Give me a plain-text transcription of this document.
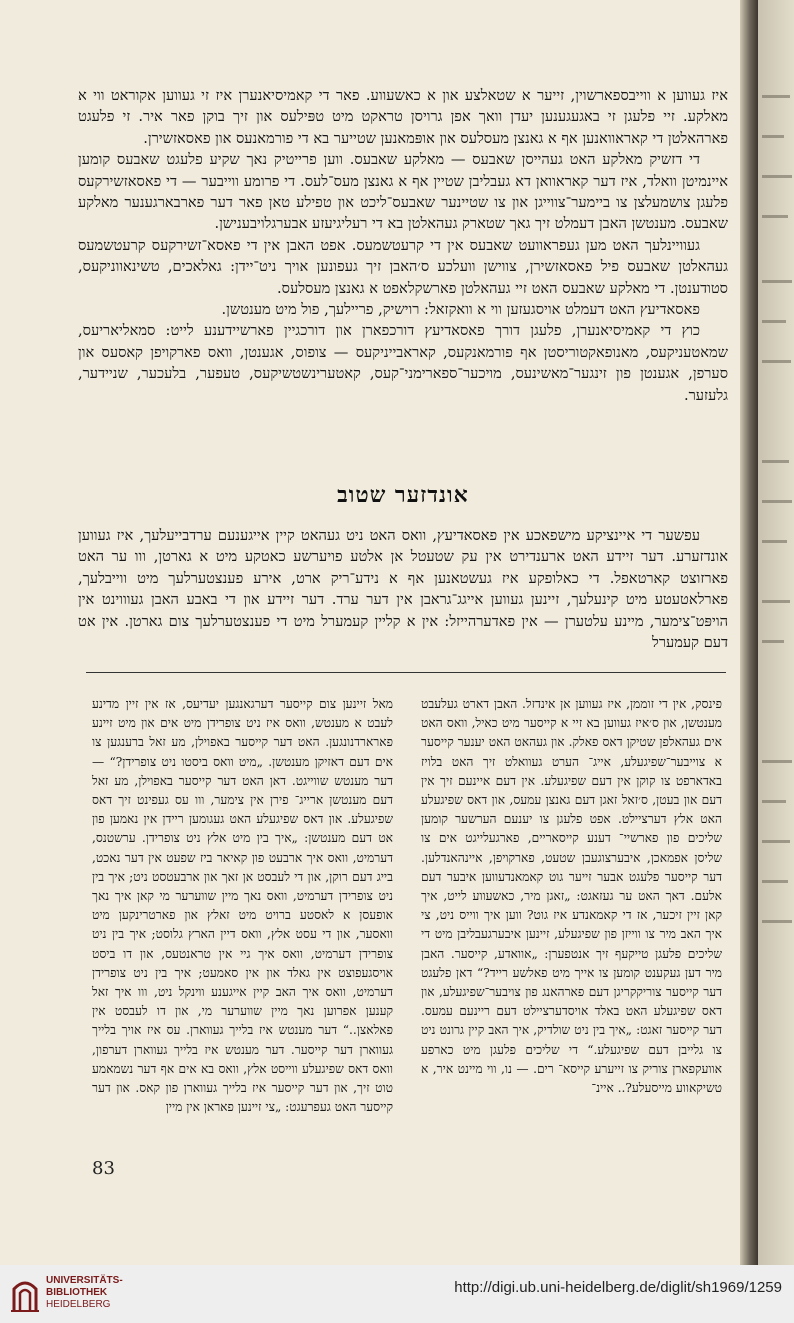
איז געווען א ווייבספארשוין, זייער א שטאלצע און א כאשעווע. פאר די קאמיסיאנערן איז זי געווען אקוראט ווי א מאלקע. זיי פלעגן זי באגעגענען יעדן וואך אפן גרויסן טראקט מיט טפּילעס און זיך בוקן פאר איר. זי פלעגט פארהאלטן די קאראוואנען אף א גאנצן מעסלעס און אופּמאנען שטייער בא די פורמאנעס און פאסאזשירן.

די דזשיק מאלקע האט געהייסן שאבעס — מאלקע שאבעס. ווען פרייטיק נאך שקיע פלעגט שאבעס קומען איינמיטן וואלד, איז דער קאראוואן דא געבליבן שטיין אף א גאנצן מעס־לעס. די פרומע ווייבער — די פאסאזשירקעס פלעגן צושמעלצן צו ביימער־צווייגן און צו שטיינער שאבעס־ליכט און טפילע טאן פאר דער פארבארגענער מאלקע שאבעס. מענטשן האבן דעמלט זיך גאך שטארק געהאלטן בא די רעליגיעזע אבערגלויבענישן.

געוויינלעך האט מען געפראוועט שאבעס אין די קרעטשמעס. אפט האבן אין די פאסא־זשירקעס קרעטשמעס געהאלטן שאבעס פיל פאסאזשירן, צווישן וועלכע ס׳האבן זיך געפונען אויך ניט־יידן: גאלאכים, טשינאווניקעס, סטודענטן. די מאלקע שאבעס האט זיי געהאלטן פארשקלאפט א גאנצן מעסלעס.

פאסאדיעץ האט דעמלט אויסגעזען ווי א וואקזאל: רוישיק, פריילעך, פול מיט מענטשן.

כוץ די קאמיסיאנערן, פלעגן דורך פאסאדיעץ דורכפארן און דורכגיין פארשיידענע לייט: סמאליאריעס, שמאטעניקעס, מאנופאקטוריסטן אף פורמאנקעס, קאראבייניקעס — צופוס, אגענטן, וואס פארקויפן קאסעס און סערפן, אגענטן פון זינגער־מאשינעס, מויכער־ספארימני־קעס, קאטערינשטשיקעס, טעפער, בלעכער, שניידער, גלעזער.

אונדזער שטוב

עפשער די איינציקע מישפאכע אין פאסאדיעץ, וואס האט ניט געהאט קיין אייגענעם ערדבייעלעך, איז געווען אונדזערע. דער זיידע האט ארענדירט אין עק שטעטל אן אלטע פויערשע כאטקע מיט א גארטן, ווו ער האט פארזוצט קארטאפל. די כאלופקע איז געשטאנען אף א נידע־ריק ארט, אירע פענצטערלעך מיט ווייבלעך, פארלאטעטע מיט קינעלעך, זיינען געווען אייגג־גראבן אין דער ערד. דער זיידע און די באבע האבן געוווינט אין הויפּט־צימער, מיינע עלטערן — אין פאדערהייזל: אין א קליין קעמערל מיט די פענצטערלעך צום גארטן. אין אט דעם קעמערל

פינסק, אין די זוממן, איז געווען אן אינדזל. האבן דארט געלעבט מענטשן, און ס׳איז געווען בא זיי א קייסער מיט כאיל, וואס האט אים געהאלפן שטיקן דאס פאלק. און געהאט האט יענער קייסער א צוייבער־שפיגעלע, אייג־ הערט געוואלט זיך האט בלויז באדארפט צו קוקן אין דעם שפיגעלע. אין דעם איינעם זיך אין דעם און בעטן, ס׳זאל זאגן דעם גאנצן עמעס, און דאס שפיגעלע האט אלץ דערציילט. אפט פלעגן צו יענעם הערשער קומען שליכים פון פארשיי־ דענע קייסאריים, פארגעלייגט אים צו שליסן אפמאכן, איבערצוגעבן שטעט, פארקויפן, איינהאנדלען. דער קייסער פלעגט אבער זייער גוט קאמאנדעווען איבער דעם אלעם. דאך האט ער געזאגט: „זאגן מיר, כאשעווע לייט, איך קאן זיין זיכער, אז די קאמאנדע איז גוט? ווען איך ווייס ניט, צי איך האב מיר צו ווייזן פון שפיגעלע, זיינען איבערגעבליבן מיט די שליכים פלעגן טייקעף זיך אנטפערן: „אוואדע, קייסער. האבן מיר דען געקענט קומען צו אייך מיט פאלשע רייד?“ דאן פלעגט דער קייסער צוריקקריגן דעם פארהאנג פון צויבער־שפיגעלע, און דאס שפיגעלע האט באלד אויסדערציילט דעם ריינעם עמעס. דער קייסער זאגט: „איך בין ניט שולדיק, איך האב קיין גרונט ניט צו גלייבן דעם שפיגעלע.“ די שליכים פלעגן מיט כארפע אוועקפארן צוריק צו זייערע קייסא־ רים. — נו, ווי מיינט איר, א טשיקאווע מייסעלע?.. איינ־
מאל זיינען צום קייסער דערגאנגען יעדיעס, אז אין זיין מדינע לעבט א מענטש, וואס איז ניט צופרידן מיט אים און מיט זיינע פארארדנונגען. האט דער קייסער באפוילן, מע זאל ברענגען צו אים דעם דאזיקן מענטשן. „מיט וואס ביסטו ניט צופרידן?“ — דער מענטש שווייגט. דאן האט דער קייסער באפוילן, מע זאל דעם מענטשן ארייג־ פירן אין צימער, ווו עס געפינט זיך דאס שפיגעלע. און דאס שפיגעלע האט געגומען ריידן אין נאמען פון אט דעם מענטשן: „איך בין מיט אלץ ניט צופרידן. ערשטנס, דערמיט, וואס איך ארבעט פון קאיאר ביז שפעט אין דער נאכט, בייג דעם רוקן, און די לעבסט אן זאך און ארבעטסט ניט; איך בין ניט צופרידן דערמיט, וואס נאך מיין שווערער מי קאן איך נאך אופעסן א לאסטע ברויט מיט זאלץ און פארטרינקען מיט וואסער, און די עסט אלץ, וואס דיין הארץ גלוסט; איך בין ניט צופרידן דערמיט, וואס איך גיי אין טראנטעס, און דו ביסט אויסגעפוצט אין גאלד און אין סאמעט; איך בין ניט צופרידן דערמיט, וואס איך האב קיין אייגענע ווינקל ניט, ווו איך זאל קענען אפרוען נאך מיין שווערער מי, און דו לעבסט אין פאלאצן..“ דער מענטש איז בלייך געווארן. עס איז אויך בלייך געווארן דער קייסער. דער מענטש איז בלייך געווארן דערפון, וואס דאס שפיגעלע ווייסט אלץ, וואס בא אים אף דער נשמאמע טוט זיך, און דער קייסער איז בלייך געווארן פון קאס. און דער קייסער האט געפרעגט: „צי זיינען פאראן אין מיין
83
UNIVERSITÄTS-
BIBLIOTHEK
HEIDELBERG
http://digi.ub.uni-heidelberg.de/diglit/sh1969/1259
